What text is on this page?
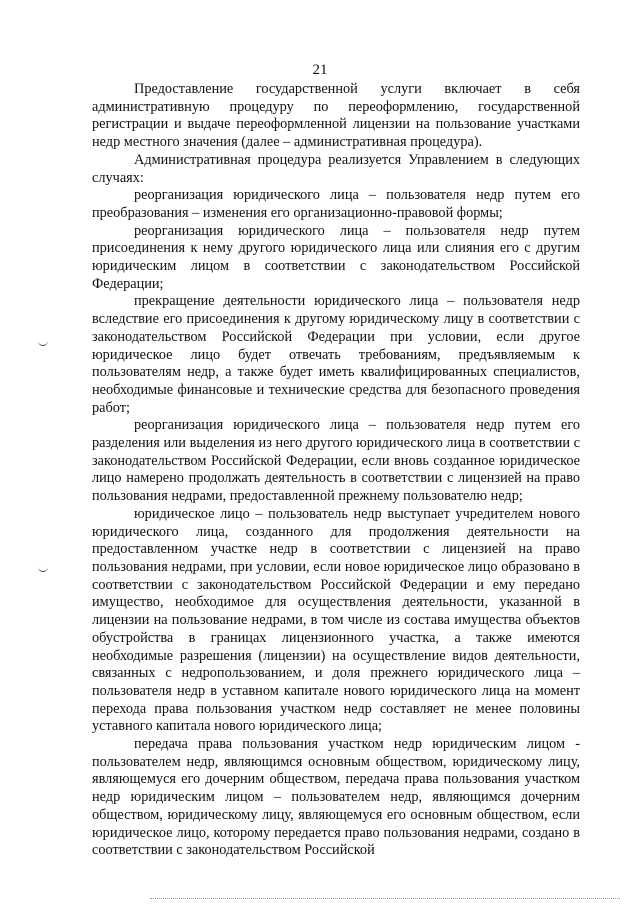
21

Предоставление государственной услуги включает в себя административную процедуру по переоформлению, государственной регистрации и выдаче переоформленной лицензии на пользование участками недр местного значения (далее – административная процедура).

Административная процедура реализуется Управлением в следующих случаях:

реорганизация юридического лица – пользователя недр путем его преобразования – изменения его организационно-правовой формы;

реорганизация юридического лица – пользователя недр путем присоединения к нему другого юридического лица или слияния его с другим юридическим лицом в соответствии с законодательством Российской Федерации;

прекращение деятельности юридического лица – пользователя недр вследствие его присоединения к другому юридическому лицу в соответствии с законодательством Российской Федерации при условии, если другое юридическое лицо будет отвечать требованиям, предъявляемым к пользователям недр, а также будет иметь квалифицированных специалистов, необходимые финансовые и технические средства для безопасного проведения работ;

реорганизация юридического лица – пользователя недр путем его разделения или выделения из него другого юридического лица в соответствии с законодательством Российской Федерации, если вновь созданное юридическое лицо намерено продолжать деятельность в соответствии с лицензией на право пользования недрами, предоставленной прежнему пользователю недр;

юридическое лицо – пользователь недр выступает учредителем нового юридического лица, созданного для продолжения деятельности на предоставленном участке недр в соответствии с лицензией на право пользования недрами, при условии, если новое юридическое лицо образовано в соответствии с законодательством Российской Федерации и ему передано имущество, необходимое для осуществления деятельности, указанной в лицензии на пользование недрами, в том числе из состава имущества объектов обустройства в границах лицензионного участка, а также имеются необходимые разрешения (лицензии) на осуществление видов деятельности, связанных с недропользованием, и доля прежнего юридического лица – пользователя недр в уставном капитале нового юридического лица на момент перехода права пользования участком недр составляет не менее половины уставного капитала нового юридического лица;

передача права пользования участком недр юридическим лицом - пользователем недр, являющимся основным обществом, юридическому лицу, являющемуся его дочерним обществом, передача права пользования участком недр юридическим лицом – пользователем недр, являющимся дочерним обществом, юридическому лицу, являющемуся его основным обществом, если юридическое лицо, которому передается право пользования недрами, создано в соответствии с законодательством Российской
